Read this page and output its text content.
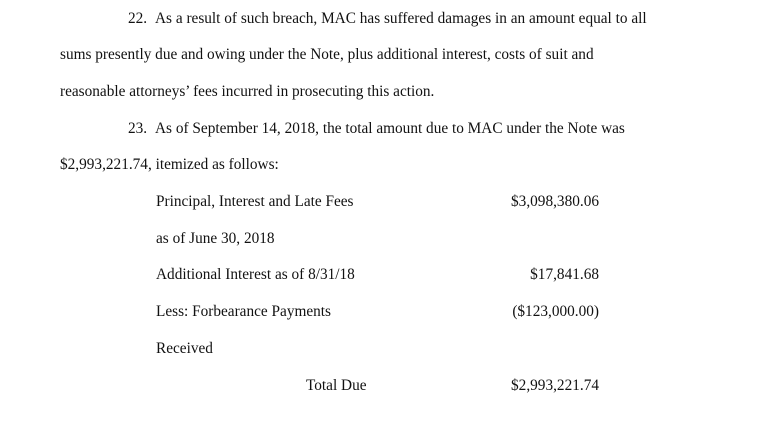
22. As a result of such breach, MAC has suffered damages in an amount equal to all
sums presently due and owing under the Note, plus additional interest, costs of suit and
reasonable attorneys’ fees incurred in prosecuting this action.
23. As of September 14, 2018, the total amount due to MAC under the Note was
$2,993,221.74, itemized as follows:
Principal, Interest and Late Fees
as of June 30, 2018
$3,098,380.06
Additional Interest as of 8/31/18	$17,841.68
Less: Forbearance Payments
Received
($123,000.00)
Total Due	$2,993,221.74
